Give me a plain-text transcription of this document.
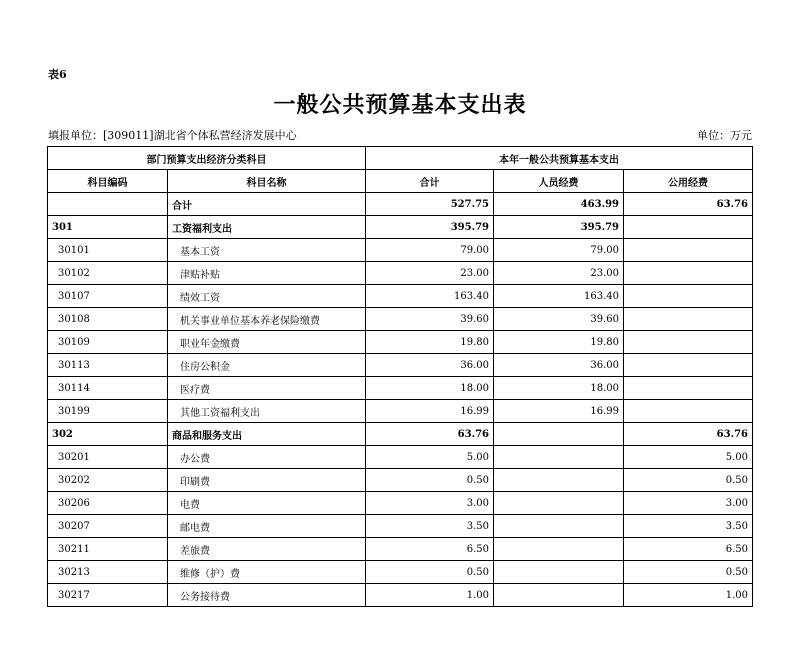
表6
一般公共预算基本支出表
填报单位：[309011]湖北省个体私营经济发展中心	单位：万元
部门预算支出经济分类科目		本年一般公共预算基本支出		
科目编码	科目名称	合计	人员经费	公用经费
	合计	527.75	463.99	63.76
301	工资福利支出	395.79	395.79	
30101	基本工资	79.00	79.00	
30102	津贴补贴	23.00	23.00	
30107	绩效工资	163.40	163.40	
30108	机关事业单位基本养老保险缴费	39.60	39.60	
30109	职业年金缴费	19.80	19.80	
30113	住房公积金	36.00	36.00	
30114	医疗费	18.00	18.00	
30199	其他工资福利支出	16.99	16.99	
302	商品和服务支出	63.76		63.76
30201	办公费	5.00		5.00
30202	印刷费	0.50		0.50
30206	电费	3.00		3.00
30207	邮电费	3.50		3.50
30211	差旅费	6.50		6.50
30213	维修（护）费	0.50		0.50
30217	公务接待费	1.00		1.00
